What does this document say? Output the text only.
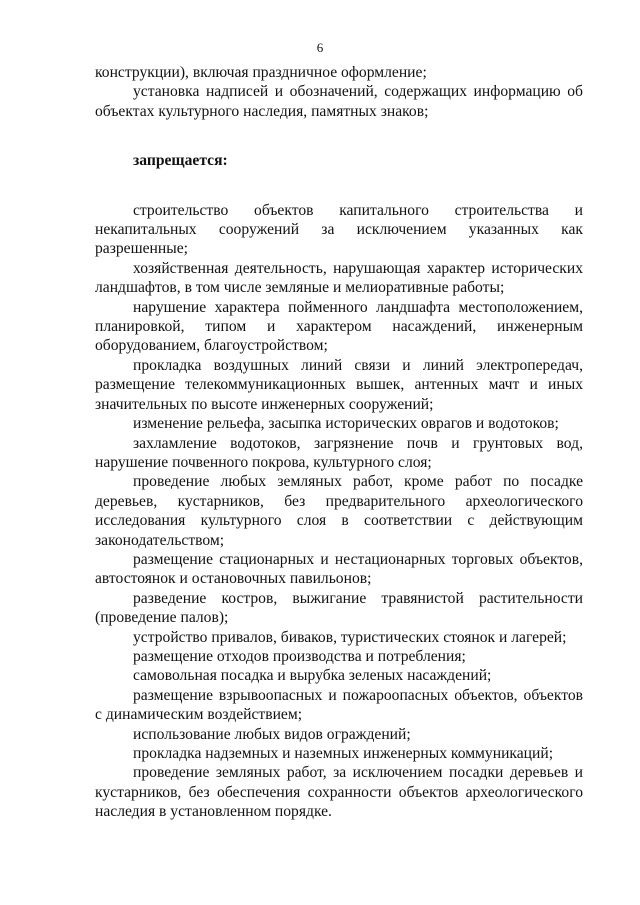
6

конструкции), включая праздничное оформление;

установка надписей и обозначений, содержащих информацию об объектах культурного наследия, памятных знаков;

запрещается:

строительство объектов капитального строительства и некапитальных сооружений за исключением указанных как разрешенные;

хозяйственная деятельность, нарушающая характер исторических ландшафтов, в том числе земляные и мелиоративные работы;

нарушение характера пойменного ландшафта местоположением, планировкой, типом и характером насаждений, инженерным оборудованием, благоустройством;

прокладка воздушных линий связи и линий электропередач, размещение телекоммуникационных вышек, антенных мачт и иных значительных по высоте инженерных сооружений;

изменение рельефа, засыпка исторических оврагов и водотоков;

захламление водотоков, загрязнение почв и грунтовых вод, нарушение почвенного покрова, культурного слоя;

проведение любых земляных работ, кроме работ по посадке деревьев, кустарников, без предварительного археологического исследования культурного слоя в соответствии с действующим законодательством;

размещение стационарных и нестационарных торговых объектов, автостоянок и остановочных павильонов;

разведение костров, выжигание травянистой растительности (проведение палов);

устройство привалов, биваков, туристических стоянок и лагерей;

размещение отходов производства и потребления;

самовольная посадка и вырубка зеленых насаждений;

размещение взрывоопасных и пожароопасных объектов, объектов с динамическим воздействием;

использование любых видов ограждений;

прокладка надземных и наземных инженерных коммуникаций;

проведение земляных работ, за исключением посадки деревьев и кустарников, без обеспечения сохранности объектов археологического наследия в установленном порядке.
